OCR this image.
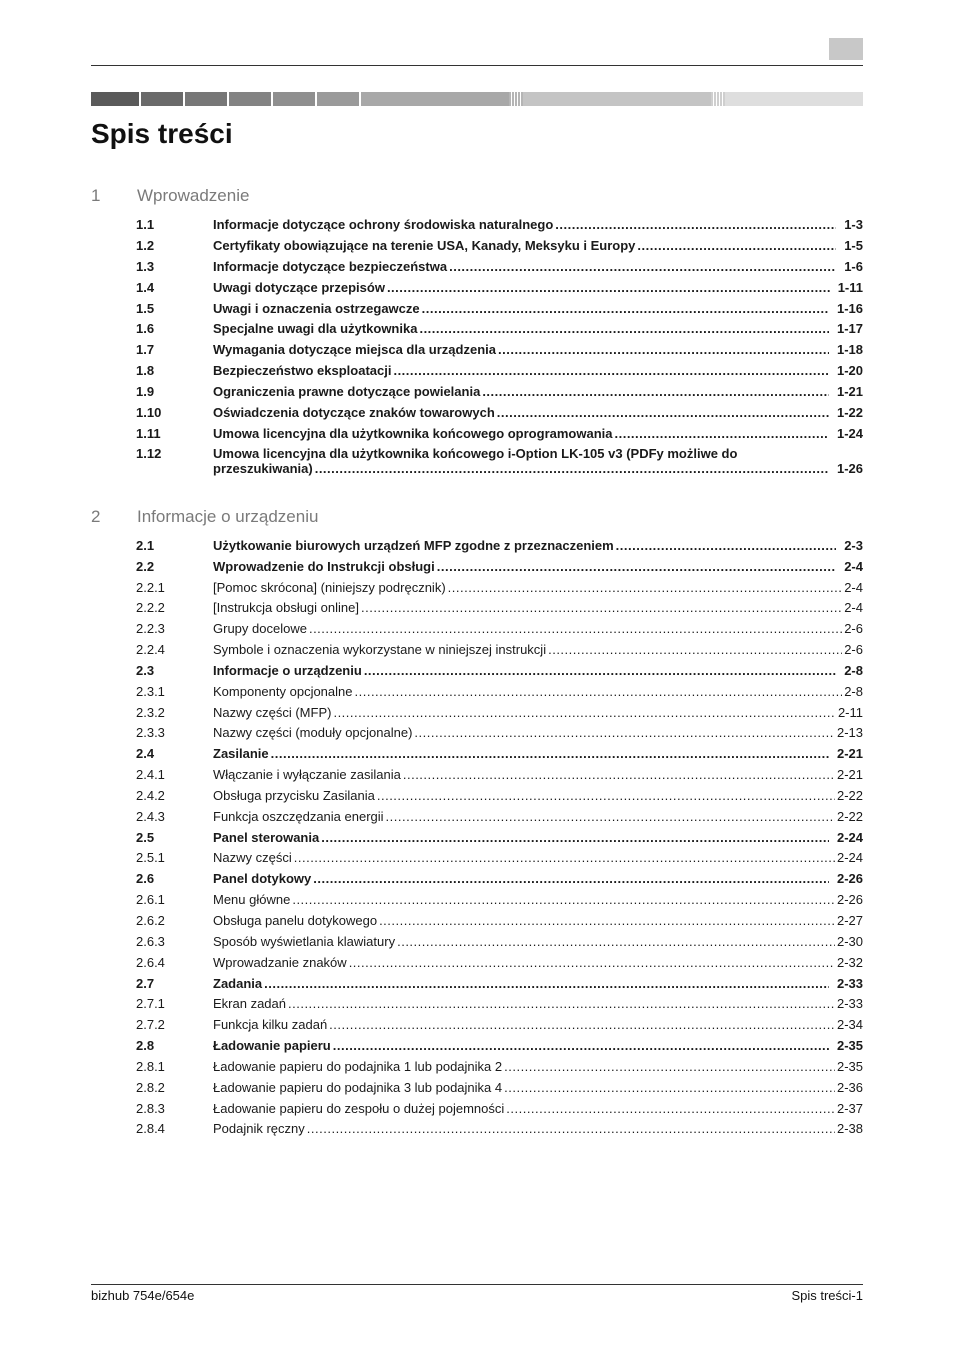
Spis treści
1 Wprowadzenie
1.1	Informacje dotyczące ochrony środowiska naturalnego .....	1-3
1.2	Certyfikaty obowiązujące na terenie USA, Kanady, Meksyku i Europy .....	1-5
1.3	Informacje dotyczące bezpieczeństwa .....	1-6
1.4	Uwagi dotyczące przepisów .....	1-11
1.5	Uwagi i oznaczenia ostrzegawcze .....	1-16
1.6	Specjalne uwagi dla użytkownika .....	1-17
1.7	Wymagania dotyczące miejsca dla urządzenia .....	1-18
1.8	Bezpieczeństwo eksploatacji .....	1-20
1.9	Ograniczenia prawne dotyczące powielania .....	1-21
1.10	Oświadczenia dotyczące znaków towarowych .....	1-22
1.11	Umowa licencyjna dla użytkownika końcowego oprogramowania .....	1-24
1.12	Umowa licencyjna dla użytkownika końcowego i-Option LK-105 v3 (PDFy możliwe do
przeszukiwania) .....	1-26
2 Informacje o urządzeniu
2.1	Użytkowanie biurowych urządzeń MFP zgodne z przeznaczeniem .....	2-3
2.2	Wprowadzenie do Instrukcji obsługi .....	2-4
2.2.1	[Pomoc skrócona] (niniejszy podręcznik) .....	2-4
2.2.2	[Instrukcja obsługi online] .....	2-4
2.2.3	Grupy docelowe .....	2-6
2.2.4	Symbole i oznaczenia wykorzystane w niniejszej instrukcji .....	2-6
2.3	Informacje o urządzeniu .....	2-8
2.3.1	Komponenty opcjonalne .....	2-8
2.3.2	Nazwy części (MFP) .....	2-11
2.3.3	Nazwy części (moduły opcjonalne) .....	2-13
2.4	Zasilanie .....	2-21
2.4.1	Włączanie i wyłączanie zasilania .....	2-21
2.4.2	Obsługa przycisku Zasilania .....	2-22
2.4.3	Funkcja oszczędzania energii .....	2-22
2.5	Panel sterowania .....	2-24
2.5.1	Nazwy części .....	2-24
2.6	Panel dotykowy .....	2-26
2.6.1	Menu główne .....	2-26
2.6.2	Obsługa panelu dotykowego .....	2-27
2.6.3	Sposób wyświetlania klawiatury .....	2-30
2.6.4	Wprowadzanie znaków .....	2-32
2.7	Zadania .....	2-33
2.7.1	Ekran zadań .....	2-33
2.7.2	Funkcja kilku zadań .....	2-34
2.8	Ładowanie papieru .....	2-35
2.8.1	Ładowanie papieru do podajnika 1 lub podajnika 2 .....	2-35
2.8.2	Ładowanie papieru do podajnika 3 lub podajnika 4 .....	2-36
2.8.3	Ładowanie papieru do zespołu o dużej pojemności .....	2-37
2.8.4	Podajnik ręczny .....	2-38
bizhub 754e/654e	Spis treści-1
